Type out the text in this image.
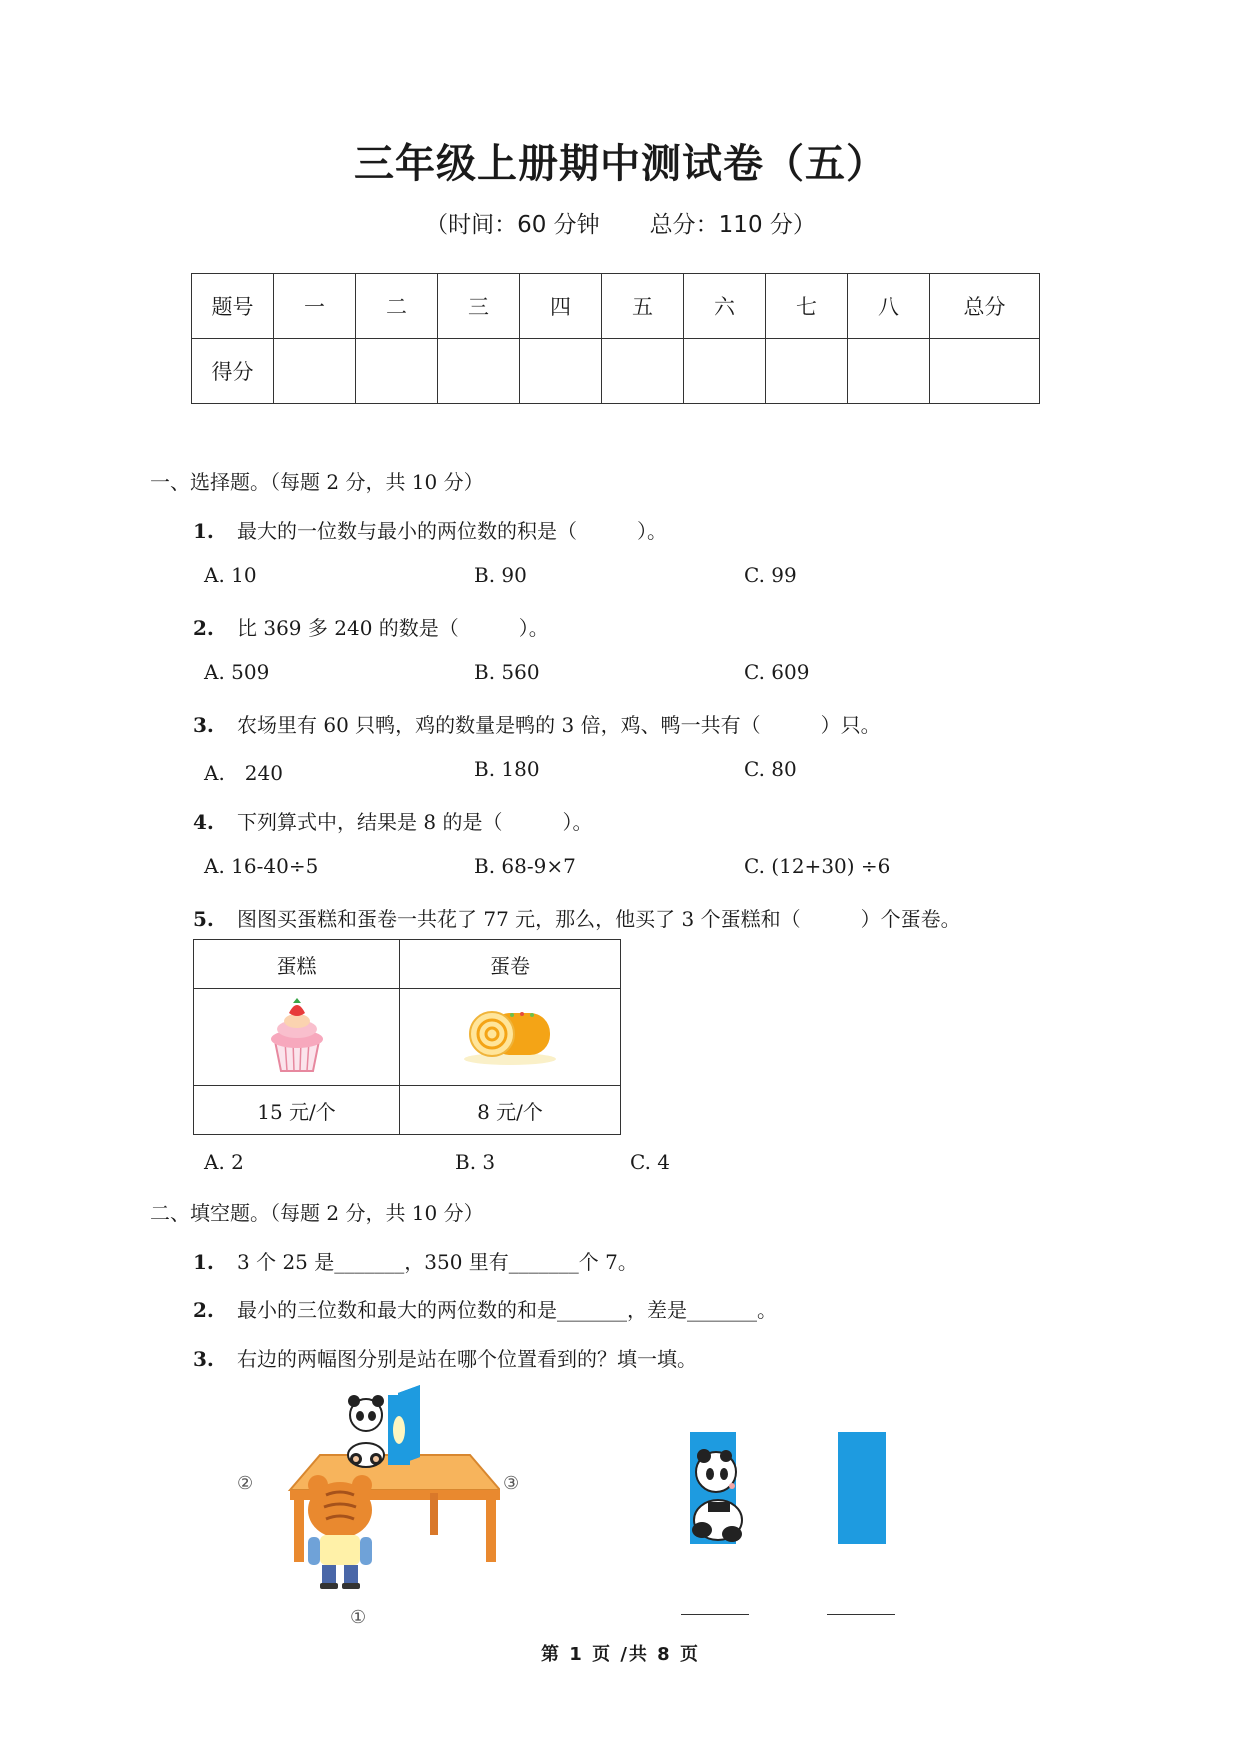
三年级上册期中测试卷（五）
（时间：60 分钟 总分：110 分）
题号	一	二	三	四	五	六	七	八	总分
得分									
一、选择题。（每题 2 分，共 10 分）
1. 最大的一位数与最小的两位数的积是（　　　）。
A. 10	B. 90	C. 99
2. 比 369 多 240 的数是（　　　）。
A. 509	B. 560	C. 609
3. 农场里有 60 只鸭，鸡的数量是鸭的 3 倍，鸡、鸭一共有（　　　）只。
A.　240	B. 180	C. 80
4. 下列算式中，结果是 8 的是（　　　）。
A. 16-40÷5	B. 68-9×7	C. (12+30) ÷6
5. 图图买蛋糕和蛋卷一共花了 77 元，那么，他买了 3 个蛋糕和（　　　）个蛋卷。
蛋糕	蛋卷

15 元/个	8 元/个
A. 2	B. 3	C. 4
二、填空题。（每题 2 分，共 10 分）
1. 3 个 25 是_______，350 里有_______个 7。
2. 最小的三位数和最大的两位数的和是_______，差是_______。
3. 右边的两幅图分别是站在哪个位置看到的？填一填。
②	③
①
第 1 页 /共 8 页
